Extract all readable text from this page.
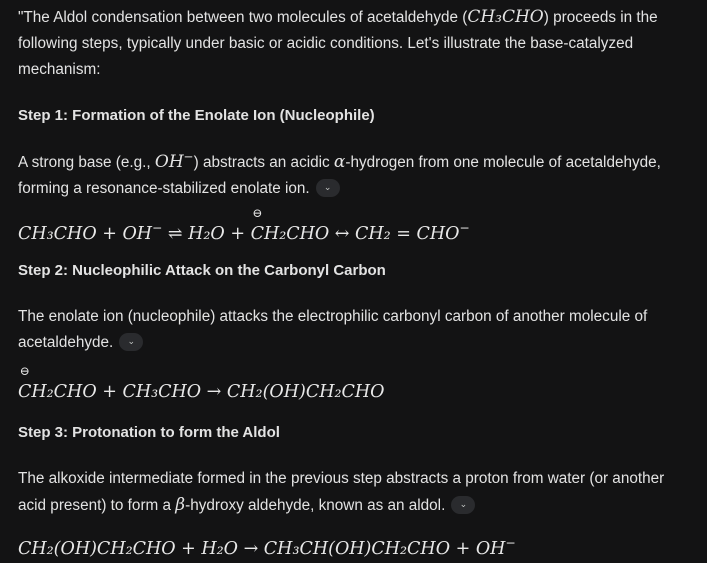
"The Aldol condensation between two molecules of acetaldehyde (CH₃CHO) proceeds in the following steps, typically under basic or acidic conditions. Let's illustrate the base-catalyzed mechanism:

Step 1: Formation of the Enolate Ion (Nucleophile)

A strong base (e.g., OH−) abstracts an acidic α-hydrogen from one molecule of acetaldehyde, forming a resonance-stabilized enolate ion. ⌄

CH₃CHO + OH− ⇌ H₂O +
⊖
CH₂CHO ↔ CH₂ = CHO−

Step 2: Nucleophilic Attack on the Carbonyl Carbon

The enolate ion (nucleophile) attacks the electrophilic carbonyl carbon of another molecule of acetaldehyde. ⌄

⊖
CH₂CHO + CH₃CHO → CH₂(OH)CH₂CHO

Step 3: Protonation to form the Aldol

The alkoxide intermediate formed in the previous step abstracts a proton from water (or another acid present) to form a β-hydroxy aldehyde, known as an aldol. ⌄

CH₂(OH)CH₂CHO + H₂O → CH₃CH(OH)CH₂CHO + OH−
